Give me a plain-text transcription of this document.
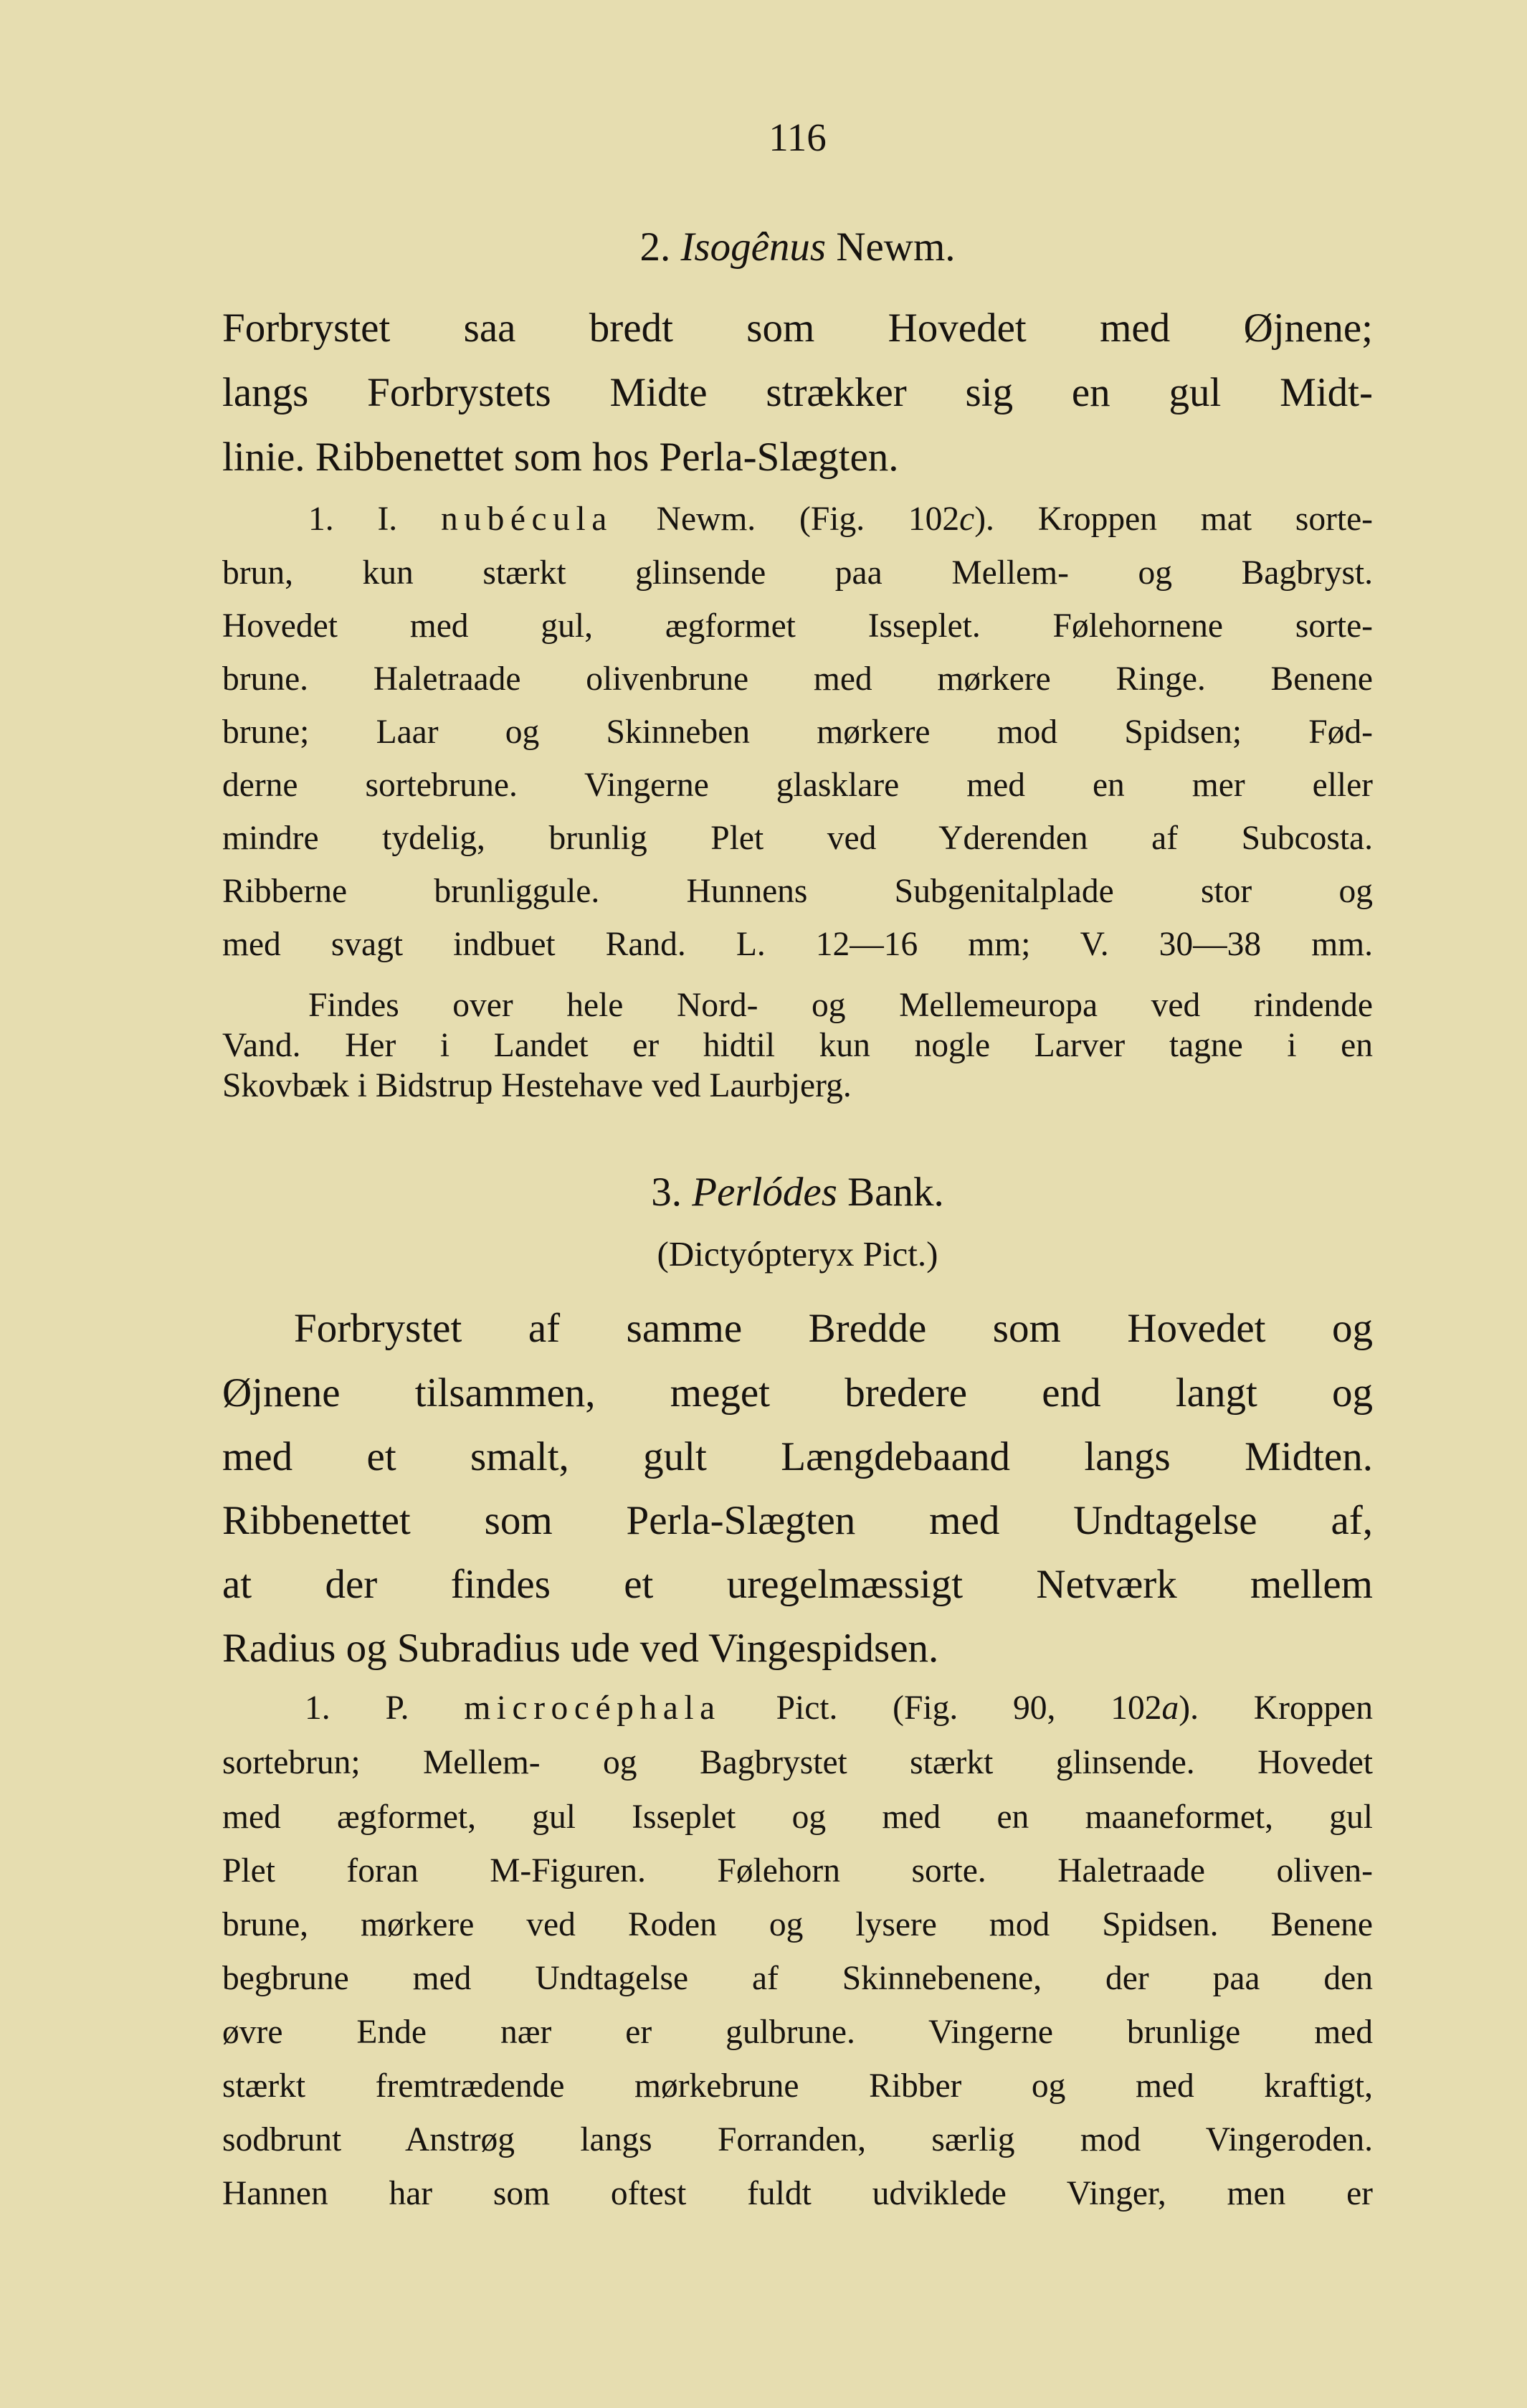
116
2. Isogênus Newm.
Forbrystet saa bredt som Hovedet med Øjnene;
langs Forbrystets Midte strækker sig en gul Midt-
linie. Ribbenettet som hos Perla-Slægten.
1. I. nubécula Newm. (Fig. 102c). Kroppen mat sorte-
brun, kun stærkt glinsende paa Mellem- og Bagbryst.
Hovedet med gul, ægformet Isseplet. Følehornene sorte-
brune. Haletraade olivenbrune med mørkere Ringe. Benene
brune; Laar og Skinneben mørkere mod Spidsen; Fød-
derne sortebrune. Vingerne glasklare med en mer eller
mindre tydelig, brunlig Plet ved Yderenden af Subcosta.
Ribberne brunliggule. Hunnens Subgenitalplade stor og
med svagt indbuet Rand. L. 12—16 mm; V. 30—38 mm.
Findes over hele Nord- og Mellemeuropa ved rindende
Vand. Her i Landet er hidtil kun nogle Larver tagne i en
Skovbæk i Bidstrup Hestehave ved Laurbjerg.
3. Perlódes Bank.
(Dictyópteryx Pict.)
Forbrystet af samme Bredde som Hovedet og
Øjnene tilsammen, meget bredere end langt og
med et smalt, gult Længdebaand langs Midten.
Ribbenettet som Perla-Slægten med Undtagelse af,
at der findes et uregelmæssigt Netværk mellem
Radius og Subradius ude ved Vingespidsen.
1. P. microcéphala Pict. (Fig. 90, 102a). Kroppen
sortebrun; Mellem- og Bagbrystet stærkt glinsende. Hovedet
med ægformet, gul Isseplet og med en maaneformet, gul
Plet foran M-Figuren. Følehorn sorte. Haletraade oliven-
brune, mørkere ved Roden og lysere mod Spidsen. Benene
begbrune med Undtagelse af Skinnebenene, der paa den
øvre Ende nær er gulbrune. Vingerne brunlige med
stærkt fremtrædende mørkebrune Ribber og med kraftigt,
sodbrunt Anstrøg langs Forranden, særlig mod Vingeroden.
Hannen har som oftest fuldt udviklede Vinger, men er
